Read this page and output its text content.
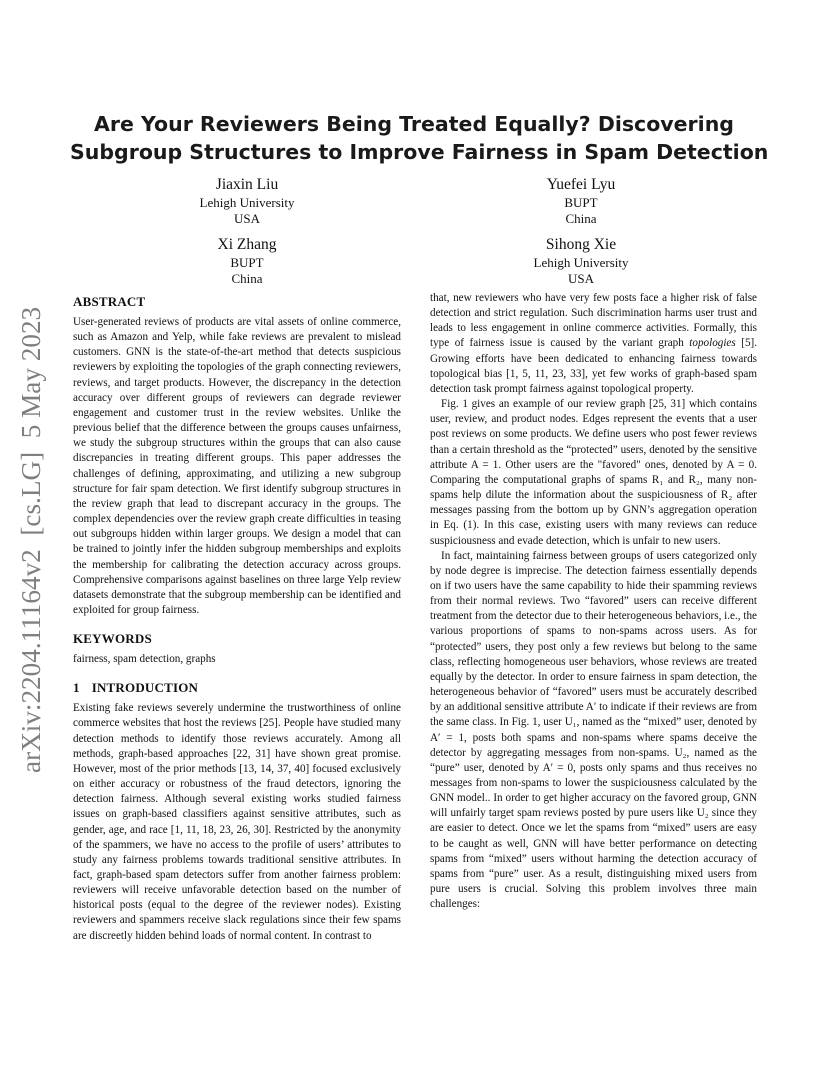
arXiv:2204.11164v2  [cs.LG]  5 May 2023
Are Your Reviewers Being Treated Equally? Discovering
Subgroup Structures to Improve Fairness in Spam Detection
Jiaxin Liu
Lehigh University
USA
Yuefei Lyu
BUPT
China
Xi Zhang
BUPT
China
Sihong Xie
Lehigh University
USA
ABSTRACT

User-generated reviews of products are vital assets of online commerce, such as Amazon and Yelp, while fake reviews are prevalent to mislead customers. GNN is the state-of-the-art method that detects suspicious reviewers by exploiting the topologies of the graph connecting reviewers, reviews, and target products. However, the discrepancy in the detection accuracy over different groups of reviewers can degrade reviewer engagement and customer trust in the review websites. Unlike the previous belief that the difference between the groups causes unfairness, we study the subgroup structures within the groups that can also cause discrepancies in treating different groups. This paper addresses the challenges of defining, approximating, and utilizing a new subgroup structure for fair spam detection. We first identify subgroup structures in the review graph that lead to discrepant accuracy in the groups. The complex dependencies over the review graph create difficulties in teasing out subgroups hidden within larger groups. We design a model that can be trained to jointly infer the hidden subgroup memberships and exploits the membership for calibrating the detection accuracy across groups. Comprehensive comparisons against baselines on three large Yelp review datasets demonstrate that the subgroup membership can be identified and exploited for group fairness.

KEYWORDS

fairness, spam detection, graphs

1 INTRODUCTION

Existing fake reviews severely undermine the trustworthiness of online commerce websites that host the reviews [25]. People have studied many detection methods to identify those reviews accurately. Among all methods, graph-based approaches [22, 31] have shown great promise. However, most of the prior methods [13, 14, 37, 40] focused exclusively on either accuracy or robustness of the fraud detectors, ignoring the detection fairness. Although several existing works studied fairness issues on graph-based classifiers against sensitive attributes, such as gender, age, and race [1, 11, 18, 23, 26, 30]. Restricted by the anonymity of the spammers, we have no access to the profile of users’ attributes to study any fairness problems towards traditional sensitive attributes. In fact, graph-based spam detectors suffer from another fairness problem: reviewers will receive unfavorable detection based on the number of historical posts (equal to the degree of the reviewer nodes). Existing reviewers and spammers receive slack regulations since their few spams are discreetly hidden behind loads of normal content. In contrast to

that, new reviewers who have very few posts face a higher risk of false detection and strict regulation. Such discrimination harms user trust and leads to less engagement in online commerce activities. Formally, this type of fairness issue is caused by the variant graph topologies [5]. Growing efforts have been dedicated to enhancing fairness towards topological bias [1, 5, 11, 23, 33], yet few works of graph-based spam detection task prompt fairness against topological property.

Fig. 1 gives an example of our review graph [25, 31] which contains user, review, and product nodes. Edges represent the events that a user post reviews on some products. We define users who post fewer reviews than a certain threshold as the “protected” users, denoted by the sensitive attribute A = 1. Other users are the "favored" ones, denoted by A = 0. Comparing the computational graphs of spams R₁ and R₂, many non-spams help dilute the information about the suspiciousness of R₂ after messages passing from the bottom up by GNN’s aggregation operation in Eq. (1). In this case, existing users with many reviews can reduce suspiciousness and evade detection, which is unfair to new users.

In fact, maintaining fairness between groups of users categorized only by node degree is imprecise. The detection fairness essentially depends on if two users have the same capability to hide their spamming reviews from their normal reviews. Two “favored” users can receive different treatment from the detector due to their heterogeneous behaviors, i.e., the various proportions of spams to non-spams across users. As for “protected” users, they post only a few reviews but belong to the same class, reflecting homogeneous user behaviors, whose reviews are treated equally by the detector. In order to ensure fairness in spam detection, the heterogeneous behavior of “favored” users must be accurately described by an additional sensitive attribute A′ to indicate if their reviews are from the same class. In Fig. 1, user U₁, named as the “mixed” user, denoted by A′ = 1, posts both spams and non-spams where spams deceive the detector by aggregating messages from non-spams. U₂, named as the “pure” user, denoted by A′ = 0, posts only spams and thus receives no messages from non-spams to lower the suspiciousness calculated by the GNN model.. In order to get higher accuracy on the favored group, GNN will unfairly target spam reviews posted by pure users like U₂ since they are easier to detect. Once we let the spams from “mixed” users are easy to be caught as well, GNN will have better performance on detecting spams from “mixed” users without harming the detection accuracy of spams from “pure” user. As a result, distinguishing mixed users from pure users is crucial. Solving this problem involves three main challenges:
